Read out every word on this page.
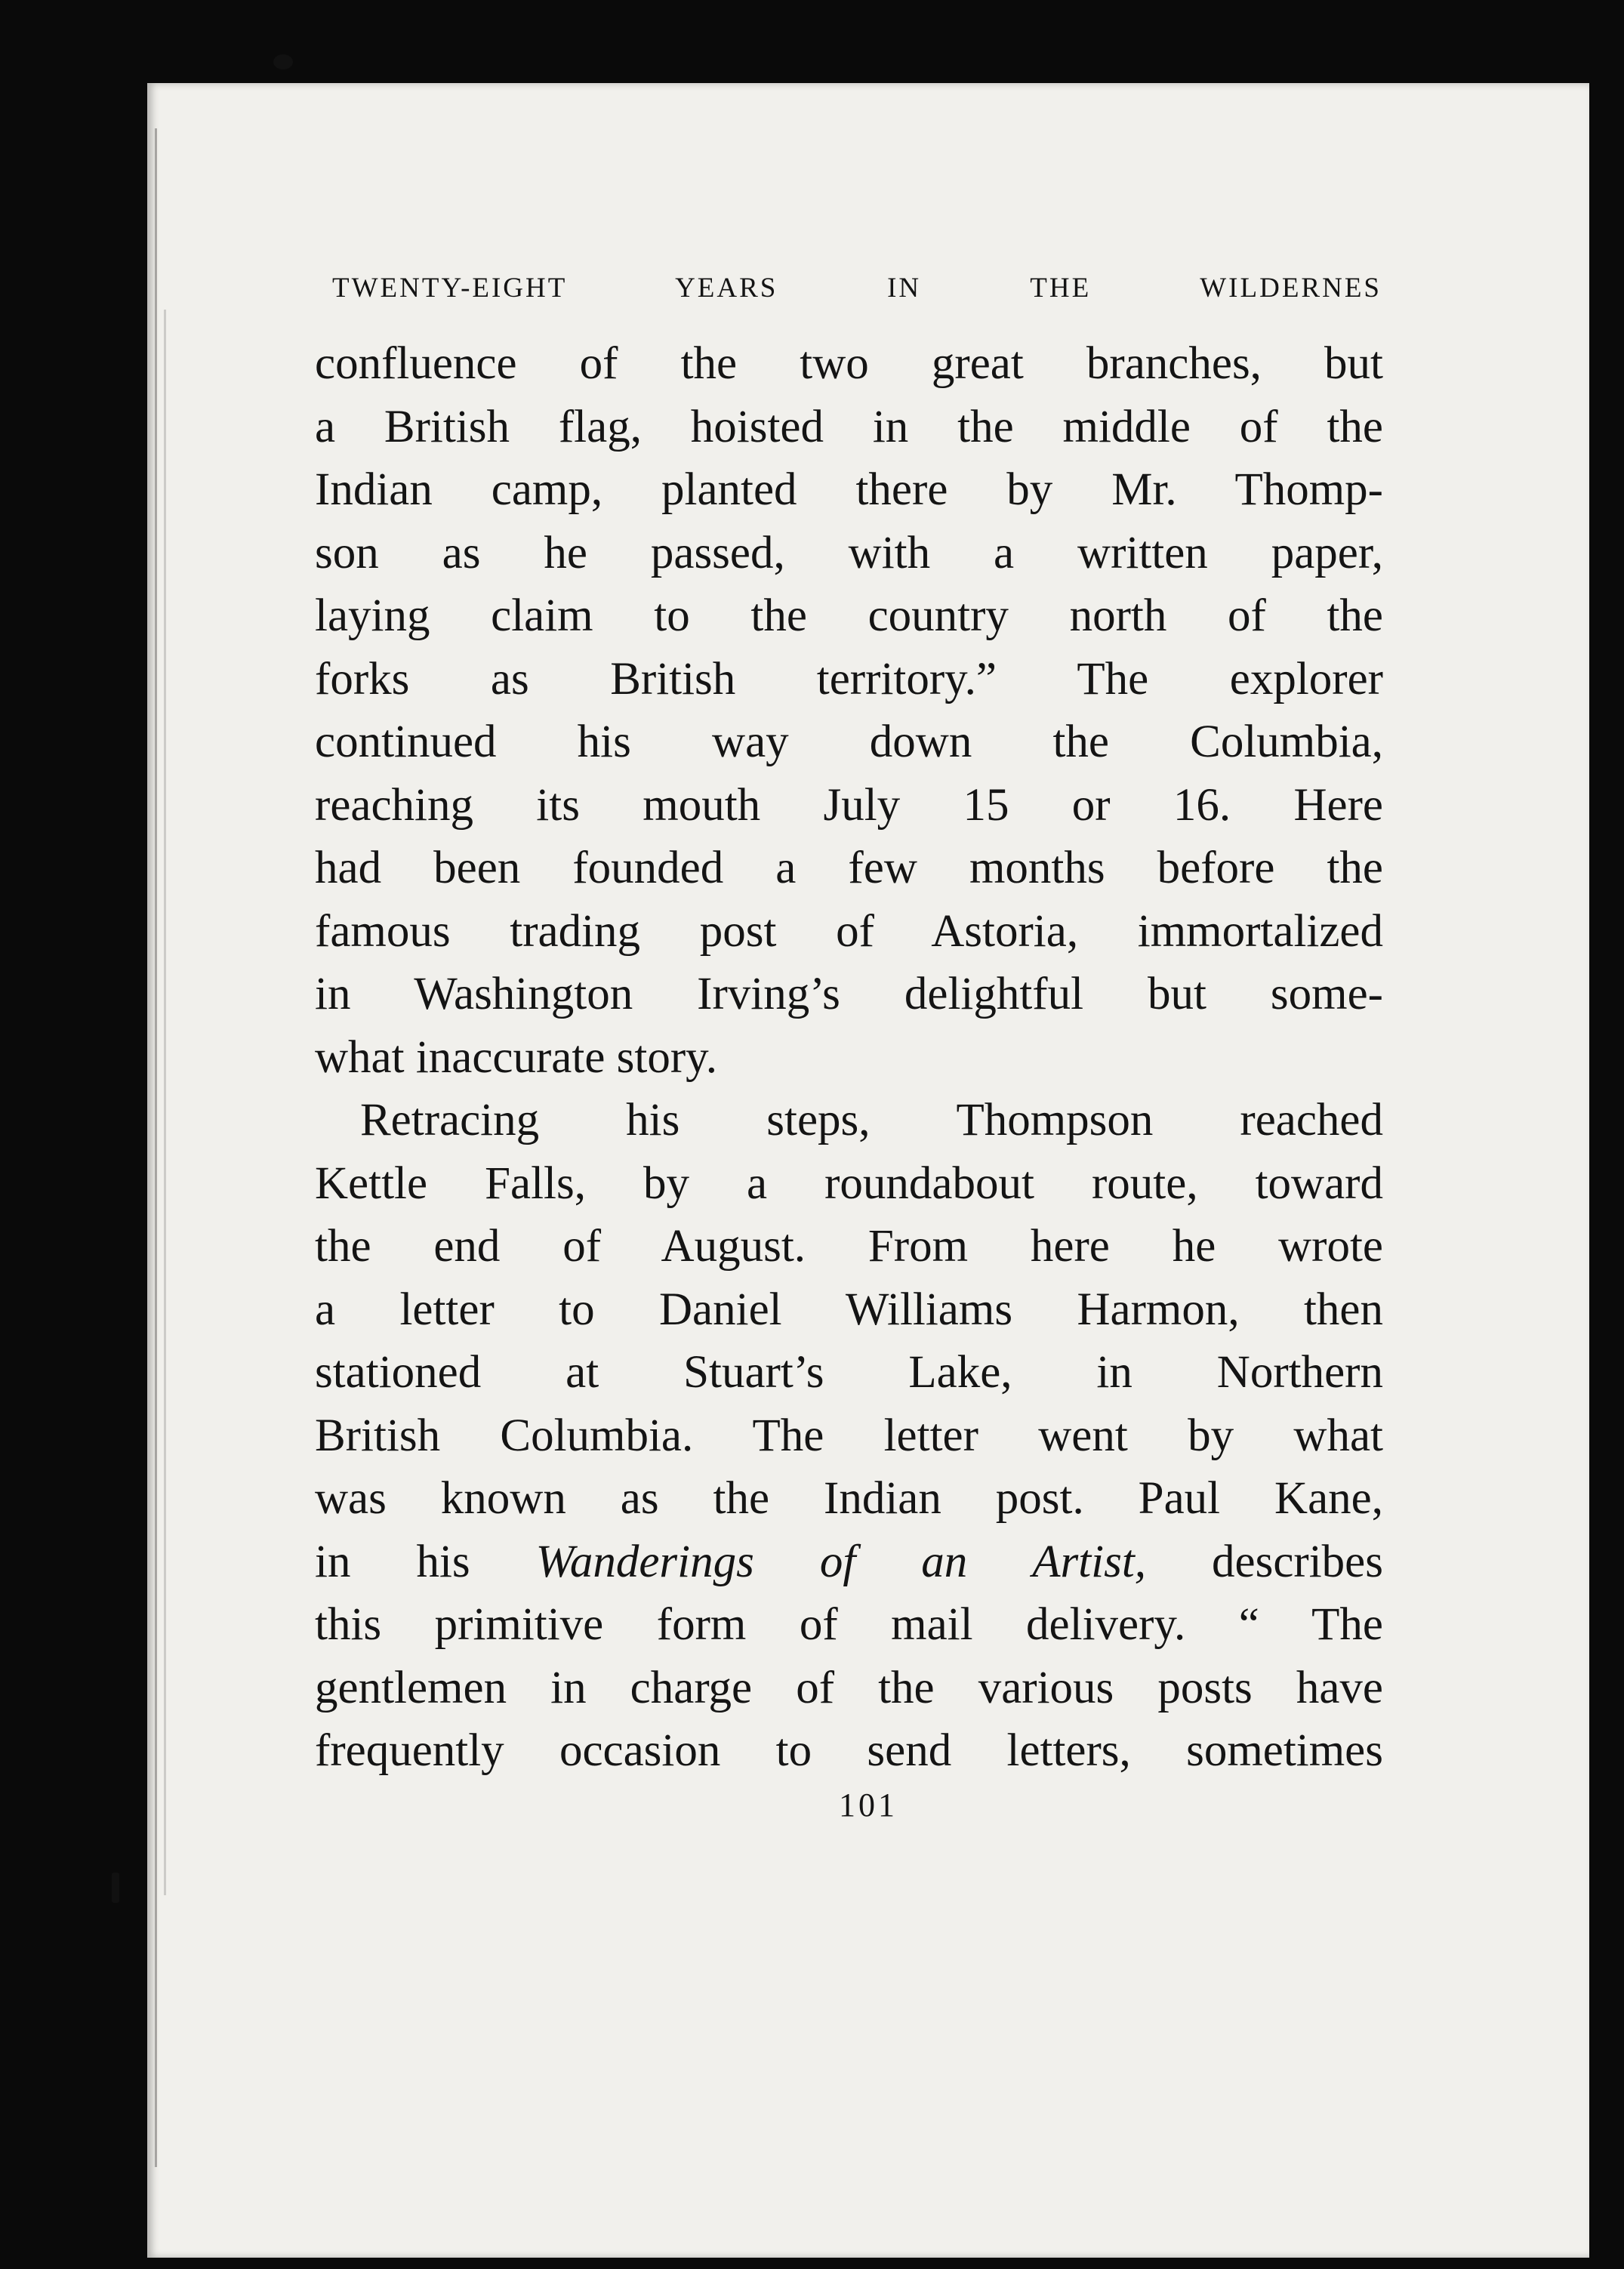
TWENTY-EIGHT YEARS IN THE WILDERNES
confluence of the two great branches, but
a British flag, hoisted in the middle of the
Indian camp, planted there by Mr. Thomp-
son as he passed, with a written paper,
laying claim to the country north of the
forks as British territory.” The explorer
continued his way down the Columbia,
reaching its mouth July 15 or 16. Here
had been founded a few months before the
famous trading post of Astoria, immortalized
in Washington Irving’s delightful but some-
what inaccurate story.
Retracing his steps, Thompson reached
Kettle Falls, by a roundabout route, toward
the end of August. From here he wrote
a letter to Daniel Williams Harmon, then
stationed at Stuart’s Lake, in Northern
British Columbia. The letter went by what
was known as the Indian post. Paul Kane,
in his Wanderings of an Artist, describes
this primitive form of mail delivery. “ The
gentlemen in charge of the various posts have
frequently occasion to send letters, sometimes
101
